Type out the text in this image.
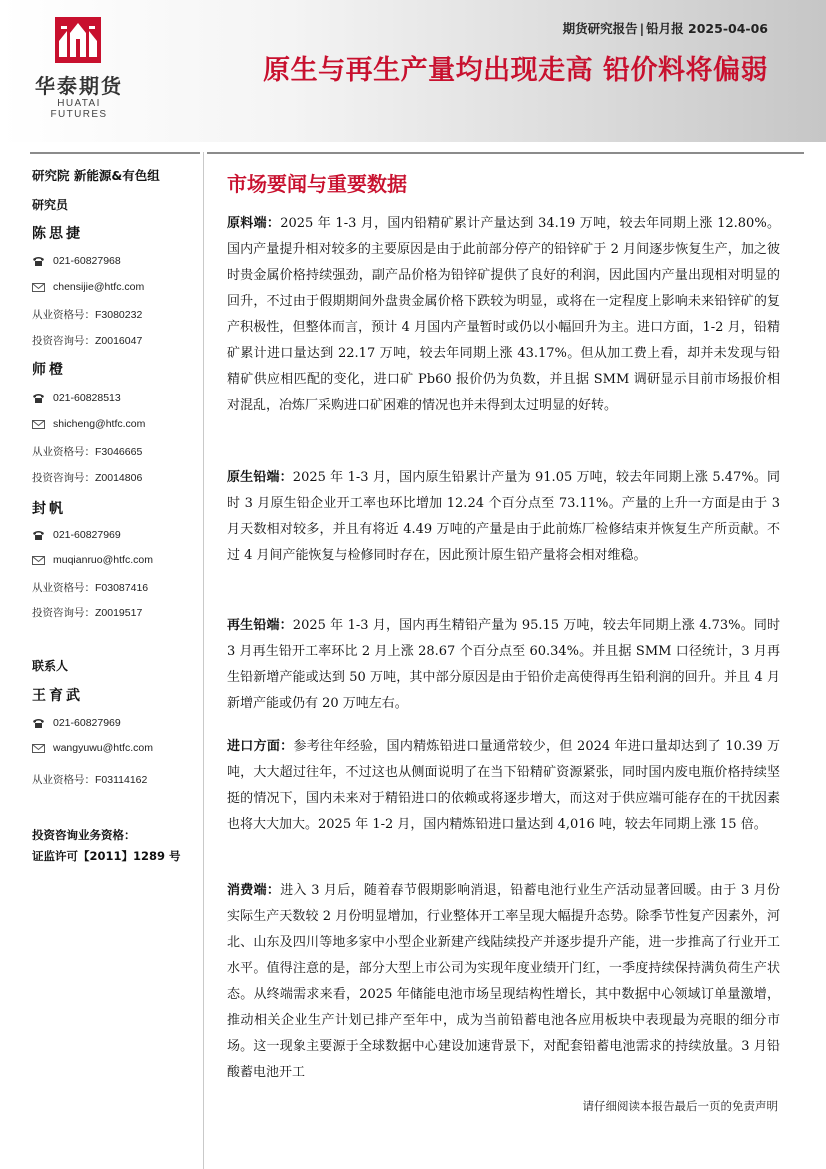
华泰期货
HUATAI FUTURES
期货研究报告 | 铅月报 2025-04-06
原生与再生产量均出现走高 铅价料将偏弱
研究院 新能源&有色组
研究员
陈思捷
021-60827968
chensijie@htfc.com
从业资格号：F3080232
投资咨询号：Z0016047
师橙
021-60828513
shicheng@htfc.com
从业资格号：F3046665
投资咨询号：Z0014806
封帆
021-60827969
muqianruo@htfc.com
从业资格号：F03087416
投资咨询号：Z0019517
联系人
王育武
021-60827969
wangyuwu@htfc.com
从业资格号：F03114162
投资咨询业务资格：
证监许可【2011】1289 号
市场要闻与重要数据
原料端：2025 年 1-3 月，国内铅精矿累计产量达到 34.19 万吨，较去年同期上涨 12.80%。国内产量提升相对较多的主要原因是由于此前部分停产的铅锌矿于 2 月间逐步恢复生产，加之彼时贵金属价格持续强劲，副产品价格为铅锌矿提供了良好的利润，因此国内产量出现相对明显的回升，不过由于假期期间外盘贵金属价格下跌较为明显，或将在一定程度上影响未来铅锌矿的复产积极性，但整体而言，预计 4 月国内产量暂时或仍以小幅回升为主。进口方面，1-2 月，铅精矿累计进口量达到 22.17 万吨，较去年同期上涨 43.17%。但从加工费上看，却并未发现与铅精矿供应相匹配的变化，进口矿 Pb60 报价仍为负数，并且据 SMM 调研显示目前市场报价相对混乱，冶炼厂采购进口矿困难的情况也并未得到太过明显的好转。
原生铅端：2025 年 1-3 月，国内原生铅累计产量为 91.05 万吨，较去年同期上涨 5.47%。同时 3 月原生铅企业开工率也环比增加 12.24 个百分点至 73.11%。产量的上升一方面是由于 3 月天数相对较多，并且有将近 4.49 万吨的产量是由于此前炼厂检修结束并恢复生产所贡献。不过 4 月间产能恢复与检修同时存在，因此预计原生铅产量将会相对维稳。
再生铅端：2025 年 1-3 月，国内再生精铅产量为 95.15 万吨，较去年同期上涨 4.73%。同时 3 月再生铅开工率环比 2 月上涨 28.67 个百分点至 60.34%。并且据 SMM 口径统计，3 月再生铅新增产能或达到 50 万吨，其中部分原因是由于铅价走高使得再生铅利润的回升。并且 4 月新增产能或仍有 20 万吨左右。
进口方面：参考往年经验，国内精炼铅进口量通常较少，但 2024 年进口量却达到了 10.39 万吨，大大超过往年，不过这也从侧面说明了在当下铅精矿资源紧张，同时国内废电瓶价格持续坚挺的情况下，国内未来对于精铅进口的依赖或将逐步增大，而这对于供应端可能存在的干扰因素也将大大加大。2025 年 1-2 月，国内精炼铅进口量达到 4,016 吨，较去年同期上涨 15 倍。
消费端：进入 3 月后，随着春节假期影响消退，铅蓄电池行业生产活动显著回暖。由于 3 月份实际生产天数较 2 月份明显增加，行业整体开工率呈现大幅提升态势。除季节性复产因素外，河北、山东及四川等地多家中小型企业新建产线陆续投产并逐步提升产能，进一步推高了行业开工水平。值得注意的是，部分大型上市公司为实现年度业绩开门红，一季度持续保持满负荷生产状态。从终端需求来看，2025 年储能电池市场呈现结构性增长，其中数据中心领域订单量激增，推动相关企业生产计划已排产至年中，成为当前铅蓄电池各应用板块中表现最为亮眼的细分市场。这一现象主要源于全球数据中心建设加速背景下，对配套铅蓄电池需求的持续放量。3 月铅酸蓄电池开工
请仔细阅读本报告最后一页的免责声明
